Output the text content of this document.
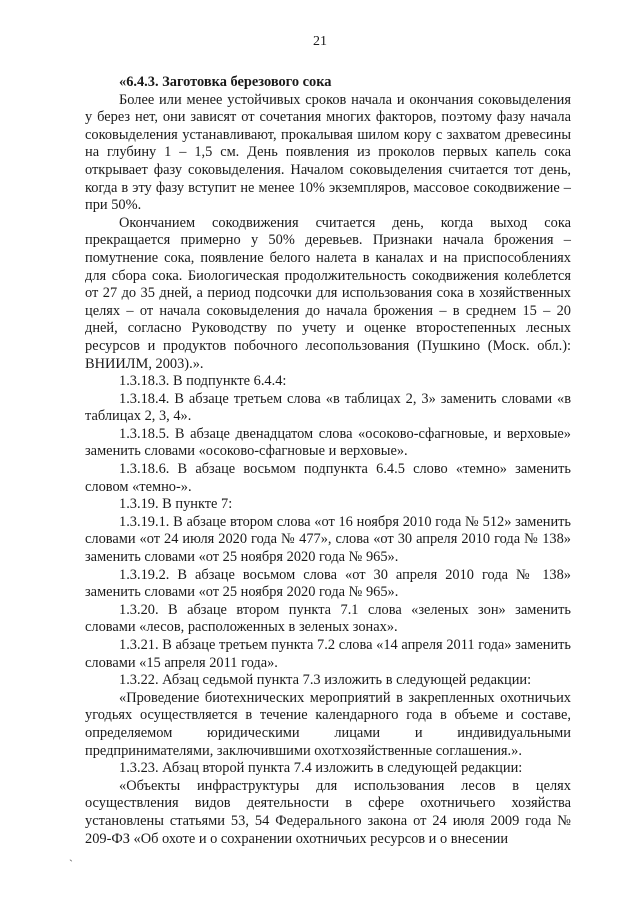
21
«6.4.3. Заготовка березового сока

Более или менее устойчивых сроков начала и окончания соковыделения у берез нет, они зависят от сочетания многих факторов, поэтому фазу начала соковыделения устанавливают, прокалывая шилом кору с захватом древесины на глубину 1 – 1,5 см. День появления из проколов первых капель сока открывает фазу соковыделения. Началом соковыделения считается тот день, когда в эту фазу вступит не менее 10% экземпляров, массовое сокодвижение – при 50%.

Окончанием сокодвижения считается день, когда выход сока прекращается примерно у 50% деревьев. Признаки начала брожения – помутнение сока, появление белого налета в каналах и на приспособлениях для сбора сока. Биологическая продолжительность сокодвижения колеблется от 27 до 35 дней, а период подсочки для использования сока в хозяйственных целях – от начала соковыделения до начала брожения – в среднем 15 – 20 дней, согласно Руководству по учету и оценке второстепенных лесных ресурсов и продуктов побочного лесопользования (Пушкино (Моск. обл.): ВНИИЛМ, 2003).».

1.3.18.3. В подпункте 6.4.4:

1.3.18.4. В абзаце третьем слова «в таблицах 2, 3» заменить словами «в таблицах 2, 3, 4».

1.3.18.5. В абзаце двенадцатом слова «осоково-сфагновые, и верховые» заменить словами «осоково-сфагновые и верховые».

1.3.18.6. В абзаце восьмом подпункта 6.4.5 слово «темно» заменить словом «темно-».

1.3.19. В пункте 7:

1.3.19.1. В абзаце втором слова «от 16 ноября 2010 года № 512» заменить словами «от 24 июля 2020 года № 477», слова «от 30 апреля 2010 года № 138» заменить словами «от 25 ноября 2020 года № 965».

1.3.19.2. В абзаце восьмом слова «от 30 апреля 2010 года № 138» заменить словами «от 25 ноября 2020 года № 965».

1.3.20. В абзаце втором пункта 7.1 слова «зеленых зон» заменить словами «лесов, расположенных в зеленых зонах».

1.3.21. В абзаце третьем пункта 7.2 слова «14 апреля 2011 года» заменить словами «15 апреля 2011 года».

1.3.22. Абзац седьмой пункта 7.3 изложить в следующей редакции:

«Проведение биотехнических мероприятий в закрепленных охотничьих угодьях осуществляется в течение календарного года в объеме и составе, определяемом юридическими лицами и индивидуальными предпринимателями, заключившими охотхозяйственные соглашения.».

1.3.23. Абзац второй пункта 7.4 изложить в следующей редакции:

«Объекты инфраструктуры для использования лесов в целях осуществления видов деятельности в сфере охотничьего хозяйства установлены статьями 53, 54 Федерального закона от 24 июля 2009 года № 209-ФЗ «Об охоте и о сохранении охотничьих ресурсов и о внесении

ˏ
